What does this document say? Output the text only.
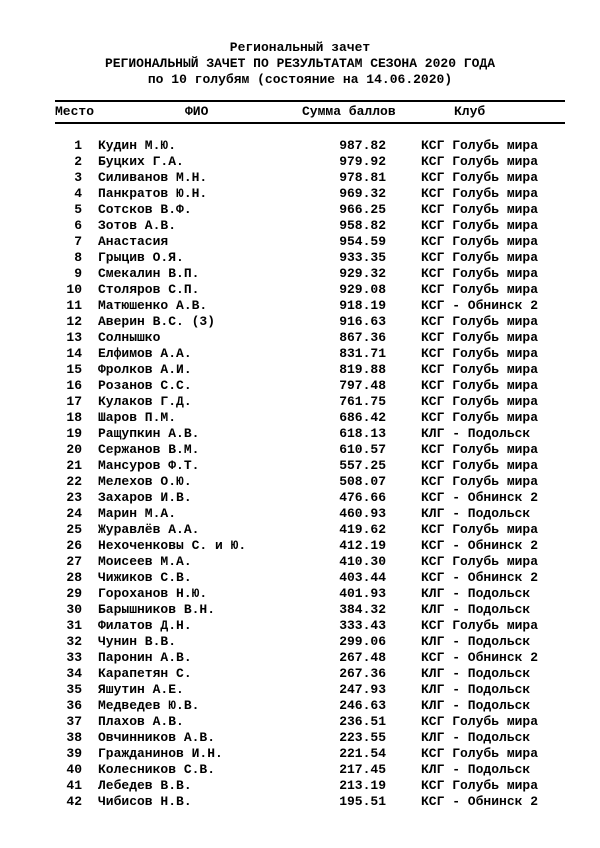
Региональный зачет
РЕГИОНАЛЬНЫЙ ЗАЧЕТ ПО РЕЗУЛЬТАТАМ СЕЗОНА 2020 ГОДА
по 10 голубям (состояние на 14.06.2020)
Место	ФИО	Сумма баллов	Клуб
1 Кудин М.Ю.	987.82	КСГ Голубь мира
2 Буцких Г.А.	979.92	КСГ Голубь мира
3 Силиванов М.Н.	978.81	КСГ Голубь мира
4 Панкратов Ю.Н.	969.32	КСГ Голубь мира
5 Сотсков В.Ф.	966.25	КСГ Голубь мира
6 Зотов А.В.	958.82	КСГ Голубь мира
7 Анастасия	954.59	КСГ Голубь мира
8 Грыцив О.Я.	933.35	КСГ Голубь мира
9 Смекалин В.П.	929.32	КСГ Голубь мира
10 Столяров С.П.	929.08	КСГ Голубь мира
11 Матюшенко А.В.	918.19	КСГ - Обнинск 2
12 Аверин В.С. (3)	916.63	КСГ Голубь мира
13 Солнышко	867.36	КСГ Голубь мира
14 Елфимов А.А.	831.71	КСГ Голубь мира
15 Фролков А.И.	819.88	КСГ Голубь мира
16 Розанов С.С.	797.48	КСГ Голубь мира
17 Кулаков Г.Д.	761.75	КСГ Голубь мира
18 Шаров П.М.	686.42	КСГ Голубь мира
19 Ращупкин А.В.	618.13	КЛГ - Подольск
20 Сержанов В.М.	610.57	КСГ Голубь мира
21 Мансуров Ф.Т.	557.25	КСГ Голубь мира
22 Мелехов О.Ю.	508.07	КСГ Голубь мира
23 Захаров И.В.	476.66	КСГ - Обнинск 2
24 Марин М.А.	460.93	КЛГ - Подольск
25 Журавлёв А.А.	419.62	КСГ Голубь мира
26 Нехоченковы С. и Ю.	412.19	КСГ - Обнинск 2
27 Моисеев М.А.	410.30	КСГ Голубь мира
28 Чижиков С.В.	403.44	КСГ - Обнинск 2
29 Гороханов Н.Ю.	401.93	КЛГ - Подольск
30 Барышников В.Н.	384.32	КЛГ - Подольск
31 Филатов Д.Н.	333.43	КСГ Голубь мира
32 Чунин В.В.	299.06	КЛГ - Подольск
33 Паронин А.В.	267.48	КСГ - Обнинск 2
34 Карапетян С.	267.36	КЛГ - Подольск
35 Яшутин А.Е.	247.93	КЛГ - Подольск
36 Медведев Ю.В.	246.63	КЛГ - Подольск
37 Плахов А.В.	236.51	КСГ Голубь мира
38 Овчинников А.В.	223.55	КЛГ - Подольск
39 Гражданинов И.Н.	221.54	КСГ Голубь мира
40 Колесников С.В.	217.45	КЛГ - Подольск
41 Лебедев В.В.	213.19	КСГ Голубь мира
42 Чибисов Н.В.	195.51	КСГ - Обнинск 2
